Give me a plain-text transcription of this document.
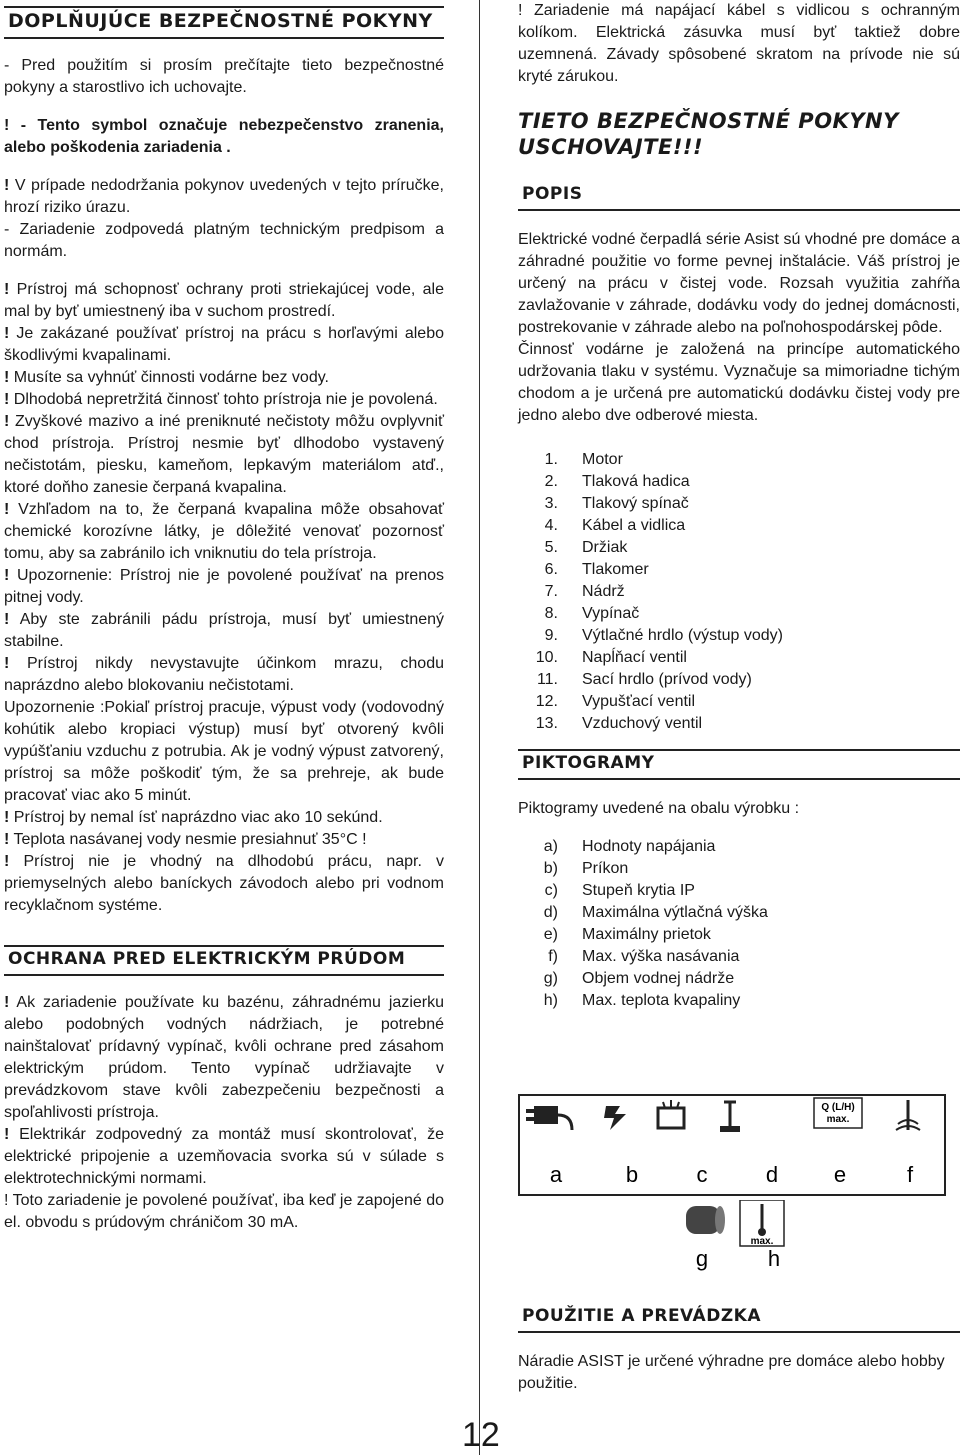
DOPLŇUJÚCE BEZPEČNOSTNÉ POKYNY

- Pred použitím si prosím prečítajte tieto bezpečnostné pokyny a starostlivo ich uchovajte.

! - Tento symbol označuje nebezpečenstvo zranenia, alebo poškodenia zariadenia .

! V prípade nedodržania pokynov uvedených v tejto príručke, hrozí riziko úrazu.

- Zariadenie zodpovedá platným technickým predpisom a normám.

! Prístroj má schopnosť ochrany proti striekajúcej vode, ale mal by byť umiestnený iba v suchom prostredí.

! Je zakázané používať prístroj na prácu s horľavými alebo škodlivými kvapalinami.

! Musíte sa vyhnúť činnosti vodárne bez vody.

! Dlhodobá nepretržitá činnosť tohto prístroja nie je povolená.

! Zvyškové mazivo a iné preniknuté nečistoty môžu ovplyvniť chod prístroja. Prístroj nesmie byť dlhodobo vystavený nečistotám, piesku, kameňom, lepkavým materiálom atď., ktoré doňho zanesie čerpaná kvapalina.

! Vzhľadom na to, že čerpaná kvapalina môže obsahovať chemické korozívne látky, je dôležité venovať pozornosť tomu, aby sa zabránilo ich vniknutiu do tela prístroja.

! Upozornenie: Prístroj nie je povolené používať na prenos pitnej vody.

! Aby ste zabránili pádu prístroja, musí byť umiestnený stabilne.

! Prístroj nikdy nevystavujte účinkom mrazu, chodu naprázdno alebo blokovaniu nečistotami.

Upozornenie :Pokiaľ prístroj pracuje, výpust vody (vodovodný kohútik alebo kropiaci výstup) musí byť otvorený kvôli vypúšťaniu vzduchu z potrubia. Ak je vodný výpust zatvorený, prístroj sa môže poškodiť tým, že sa prehreje, ak bude pracovať viac ako 5 minút.

! Prístroj by nemal ísť naprázdno viac ako 10 sekúnd.

! Teplota nasávanej vody nesmie presiahnuť 35°C !

! Prístroj nie je vhodný na dlhodobú prácu, napr. v priemyselných alebo baníckych závodoch alebo pri vodnom recyklačnom systéme.

OCHRANA PRED ELEKTRICKÝM PRÚDOM

! Ak zariadenie používate ku bazénu, záhradnému jazierku alebo podobných vodných nádržiach, je potrebné nainštalovať prídavný vypínač, kvôli ochrane pred zásahom elektrickým prúdom. Tento vypínač udržiavajte v prevádzkovom stave kvôli zabezpečeniu bezpečnosti a spoľahlivosti prístroja.

! Elektrikár zodpovedný za montáž musí skontrolovať, že elektrické pripojenie a uzemňovacia svorka sú v súlade s elektrotechnickými normami.

! Toto zariadenie je povolené používať, iba keď je zapojené do el. obvodu s prúdovým chráničom 30 mA.

! Zariadenie má napájací kábel s vidlicou s ochranným kolíkom. Elektrická zásuvka musí byť taktiež dobre uzemnená. Závady spôsobené skratom na prívode nie sú kryté zárukou.

TIETO BEZPEČNOSTNÉ POKYNY USCHOVAJTE!!!
POPIS

Elektrické vodné čerpadlá série Asist sú vhodné pre domáce a záhradné použitie vo forme pevnej inštalácie. Váš prístroj je určený na prácu v čistej vode. Rozsah využitia zahŕňa zavlažovanie v záhrade, dodávku vody do jednej domácnosti, postrekovanie v záhrade alebo na poľnohospodárskej pôde.

Činnosť vodárne je založená na princípe automatického udržovania tlaku v systému. Vyznačuje sa mimoriadne tichým chodom a je určená pre automatickú dodávku čistej vody pre jedno alebo dve odberové miesta.

1.	Motor
2.	Tlaková hadica
3.	Tlakový spínač
4.	Kábel a vidlica
5.	Držiak
6.	Tlakomer
7.	Nádrž
8.	Vypínač
9.	Výtlačné hrdlo (výstup vody)
10.	Napĺňací ventil
11.	Sací hrdlo (prívod vody)
12.	Vypušťací ventil
13.	Vzduchový ventil
PIKTOGRAMY

Piktogramy uvedené na obalu výrobku :

a)	Hodnoty napájania
b)	Príkon
c)	Stupeň krytia IP
d)	Maximálna výtlačná výška
e)	Maximálny prietok
f)	Max. výška nasávania
g)	Objem vodnej nádrže
h)	Max. teplota kvapaliny
Q (L/H)
max.
a	b	c	d	e	f
max.
g	h
POUŽITIE A PREVÁDZKA

Náradie ASIST je určené výhradne pre domáce alebo hobby použitie.

12
